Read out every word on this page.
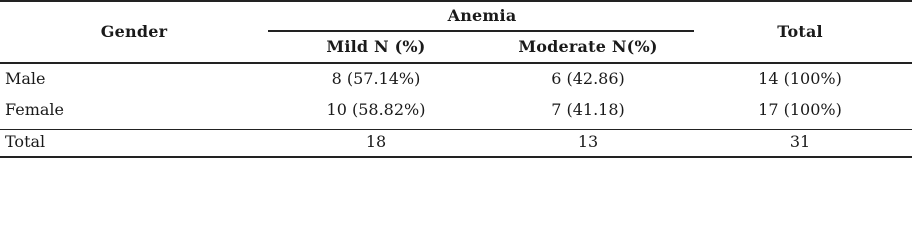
Gender
Anemia
Mild N (%)	Moderate N(%)
Total
Male	8 (57.14%)	6 (42.86)	14 (100%)
Female	10 (58.82%)	7 (41.18)	17 (100%)
Total	18	13	31
